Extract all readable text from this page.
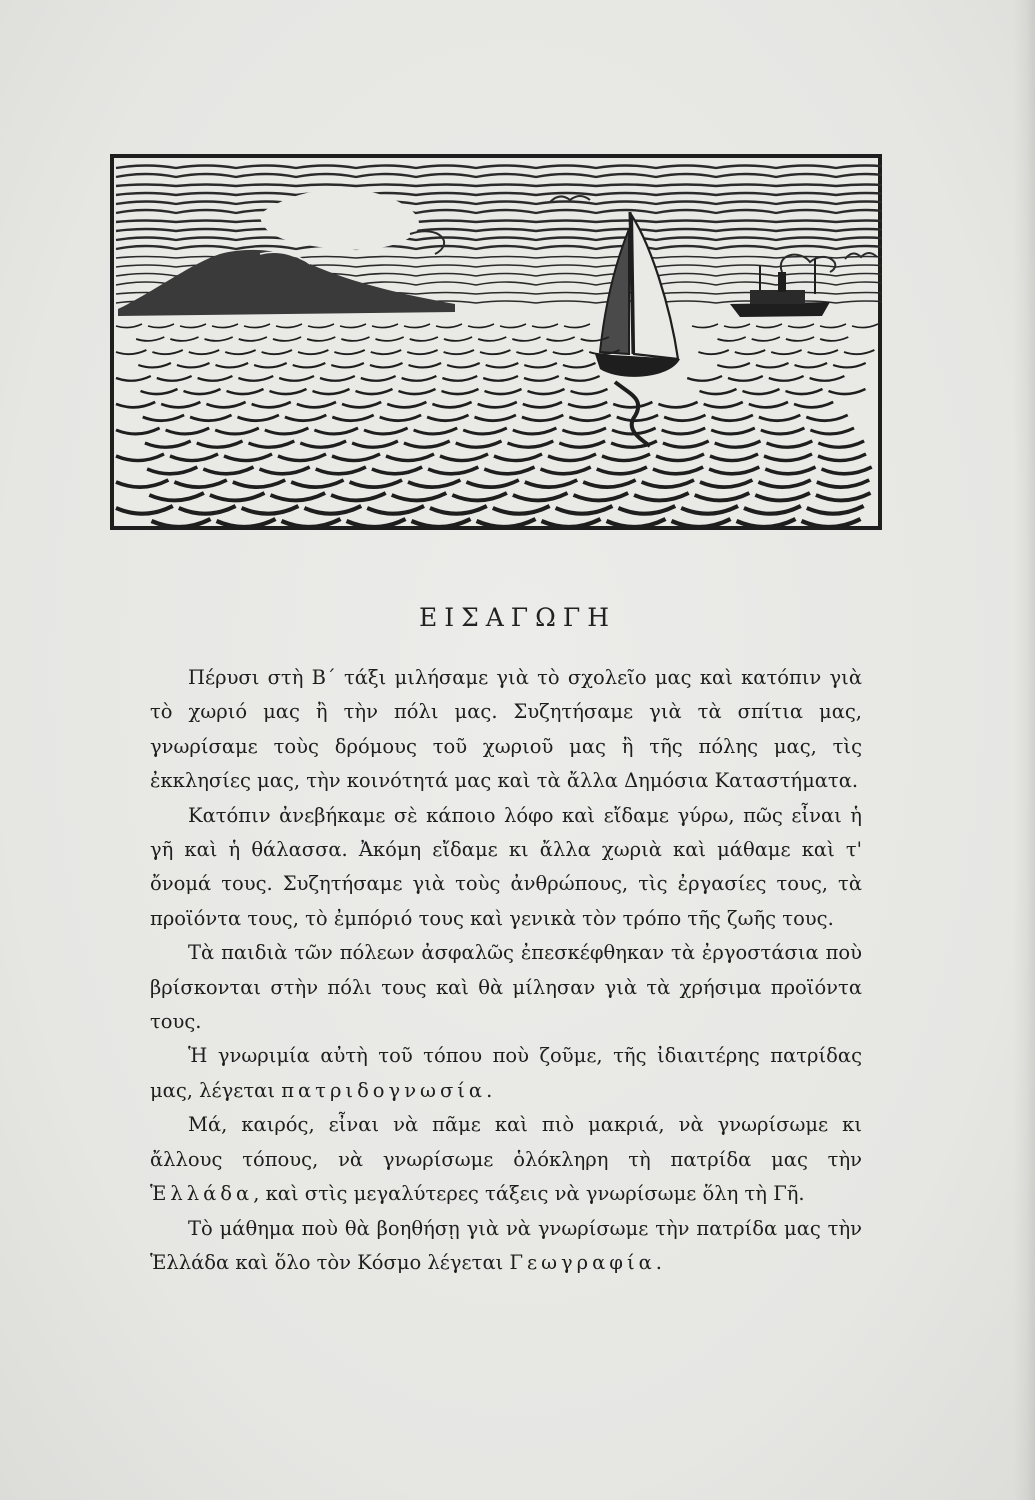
ΕΙΣΑΓΩΓΗ

Πέρυσι στὴ Β΄ τάξι μιλήσαμε γιὰ τὸ σχολεῖο μας καὶ κατόπιν γιὰ τὸ χωριό μας ἢ τὴν πόλι μας. Συζητήσαμε γιὰ τὰ σπίτια μας, γνωρίσαμε τοὺς δρόμους τοῦ χωριοῦ μας ἢ τῆς πόλης μας, τὶς ἐκκλησίες μας, τὴν κοινότητά μας καὶ τὰ ἄλλα Δημόσια Καταστήματα.

Κατόπιν ἀνεβήκαμε σὲ κάποιο λόφο καὶ εἴδαμε γύρω, πῶς εἶναι ἡ γῆ καὶ ἡ θάλασσα. Ἀκόμη εἴδαμε κι ἄλλα χωριὰ καὶ μάθαμε καὶ τ' ὄνομά τους. Συζητήσαμε γιὰ τοὺς ἀνθρώπους, τὶς ἐργασίες τους, τὰ προϊόντα τους, τὸ ἐμπόριό τους καὶ γενικὰ τὸν τρόπο τῆς ζωῆς τους.

Τὰ παιδιὰ τῶν πόλεων ἀσφαλῶς ἐπεσκέφθηκαν τὰ ἐργοστάσια ποὺ βρίσκονται στὴν πόλι τους καὶ θὰ μίλησαν γιὰ τὰ χρήσιμα προϊόντα τους.

Ἡ γνωριμία αὐτὴ τοῦ τόπου ποὺ ζοῦμε, τῆς ἰδιαιτέρης πατρίδας μας, λέγεται πατριδογνωσία.

Μά, καιρός, εἶναι νὰ πᾶμε καὶ πιὸ μακριά, νὰ γνωρίσωμε κι ἄλλους τόπους, νὰ γνωρίσωμε ὁλόκληρη τὴ πατρίδα μας τὴν Ἑλλάδα, καὶ στὶς μεγαλύτερες τάξεις νὰ γνωρίσωμε ὅλη τὴ Γῆ.

Τὸ μάθημα ποὺ θὰ βοηθήσῃ γιὰ νὰ γνωρίσωμε τὴν πατρίδα μας τὴν Ἑλλάδα καὶ ὅλο τὸν Κόσμο λέγεται Γεωγραφία.
